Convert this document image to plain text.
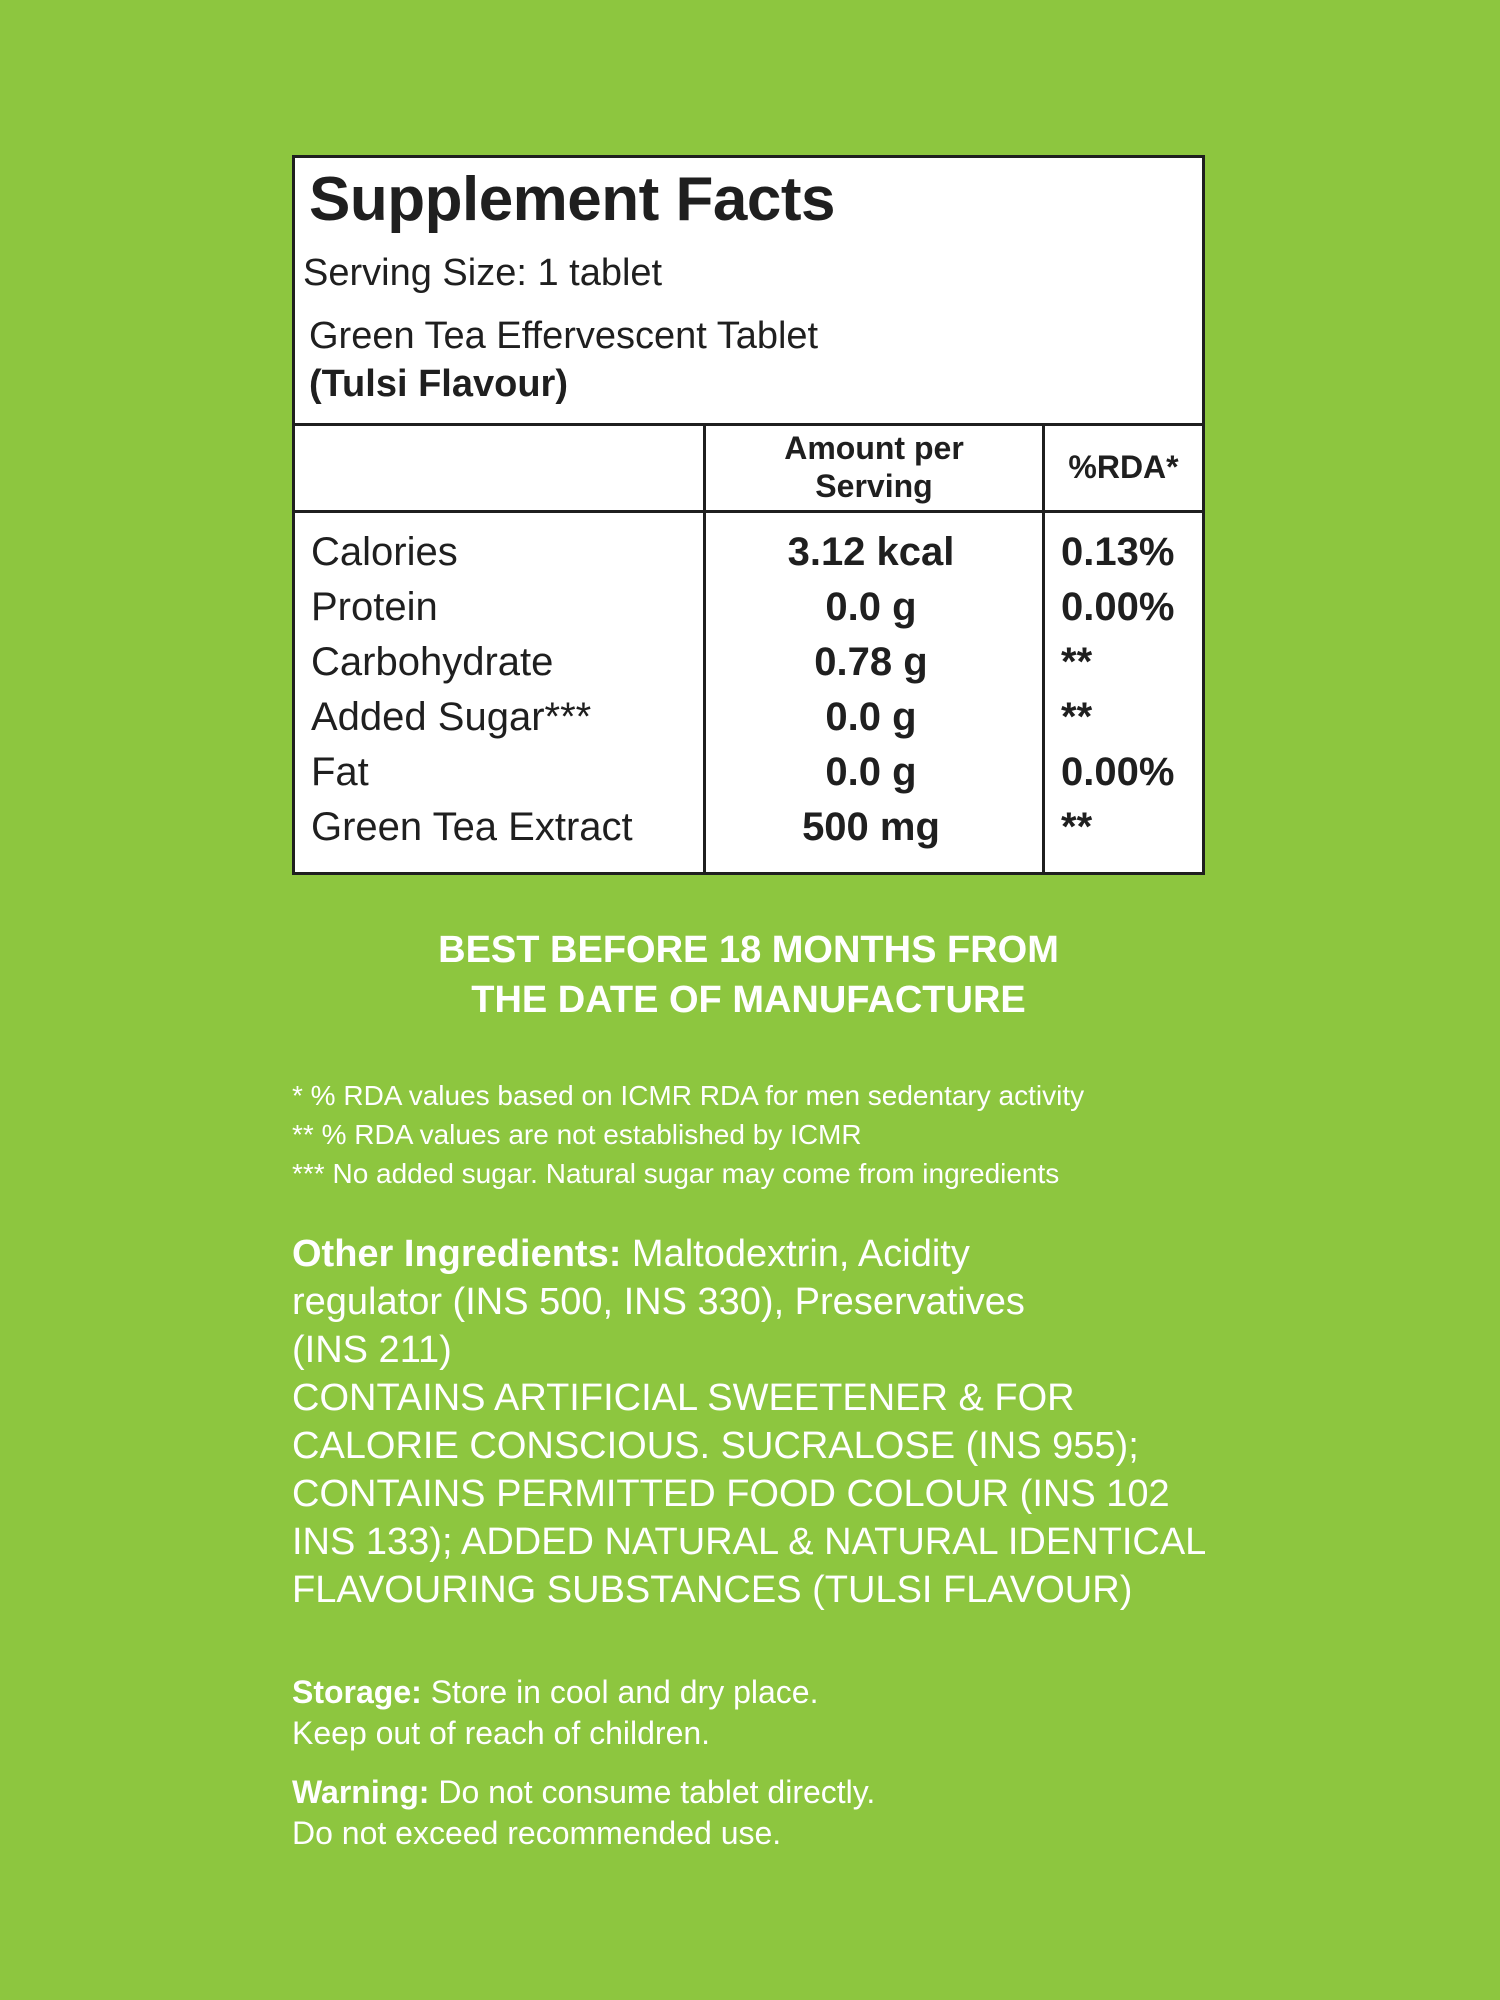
Supplement Facts
Serving Size: 1 tablet
Green Tea Effervescent Tablet
(Tulsi Flavour)
Amount per
Serving
%RDA*
Calories	3.12 kcal	0.13%
Protein	0.0 g	0.00%
Carbohydrate	0.78 g	**
Added Sugar***	0.0 g	**
Fat	0.0 g	0.00%
Green Tea Extract	500 mg	**
BEST BEFORE 18 MONTHS FROM
THE DATE OF MANUFACTURE
* % RDA values based on ICMR RDA for men sedentary activity
** % RDA values are not established by ICMR
*** No added sugar. Natural sugar may come from ingredients
Other Ingredients: Maltodextrin, Acidity
regulator (INS 500, INS 330), Preservatives
(INS 211)
CONTAINS ARTIFICIAL SWEETENER & FOR
CALORIE CONSCIOUS. SUCRALOSE (INS 955);
CONTAINS PERMITTED FOOD COLOUR (INS 102
INS 133); ADDED NATURAL & NATURAL IDENTICAL
FLAVOURING SUBSTANCES (TULSI FLAVOUR)
Storage: Store in cool and dry place.
Keep out of reach of children.
Warning: Do not consume tablet directly.
Do not exceed recommended use.
